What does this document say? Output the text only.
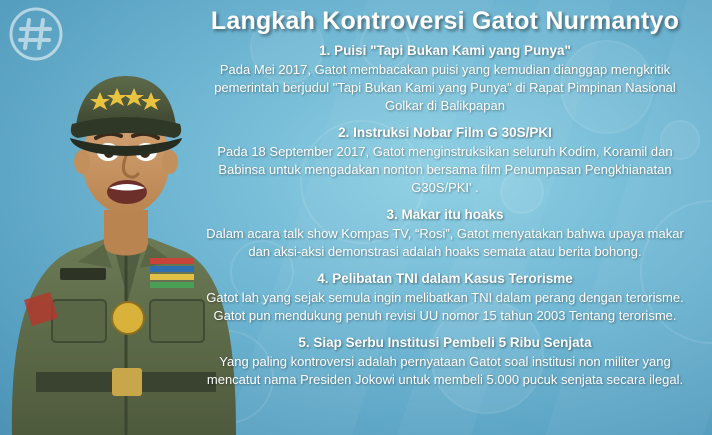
Langkah Kontroversi Gatot Nurmantyo

1. Puisi "Tapi Bukan Kami yang Punya"

Pada Mei 2017, Gatot membacakan puisi yang kemudian dianggap mengkritik pemerintah berjudul "Tapi Bukan Kami yang Punya" di Rapat Pimpinan Nasional Golkar di Balikpapan

2. Instruksi Nobar Film G 30S/PKI

Pada 18 September 2017, Gatot menginstruksikan seluruh Kodim, Koramil dan Babinsa untuk mengadakan nonton bersama film Penumpasan Pengkhianatan G30S/PKI' .

3. Makar itu hoaks

Dalam acara talk show Kompas TV, “Rosi”, Gatot menyatakan bahwa upaya makar dan aksi-aksi demonstrasi adalah hoaks semata atau berita bohong.

4. Pelibatan TNI dalam Kasus Terorisme

Gatot lah yang sejak semula ingin melibatkan TNI dalam perang dengan terorisme. Gatot pun mendukung penuh revisi UU nomor 15 tahun 2003 Tentang terorisme.

5. Siap Serbu Institusi Pembeli 5 Ribu Senjata

Yang paling kontroversi adalah pernyataan Gatot soal institusi non militer yang mencatut nama Presiden Jokowi untuk membeli 5.000 pucuk senjata secara ilegal.
